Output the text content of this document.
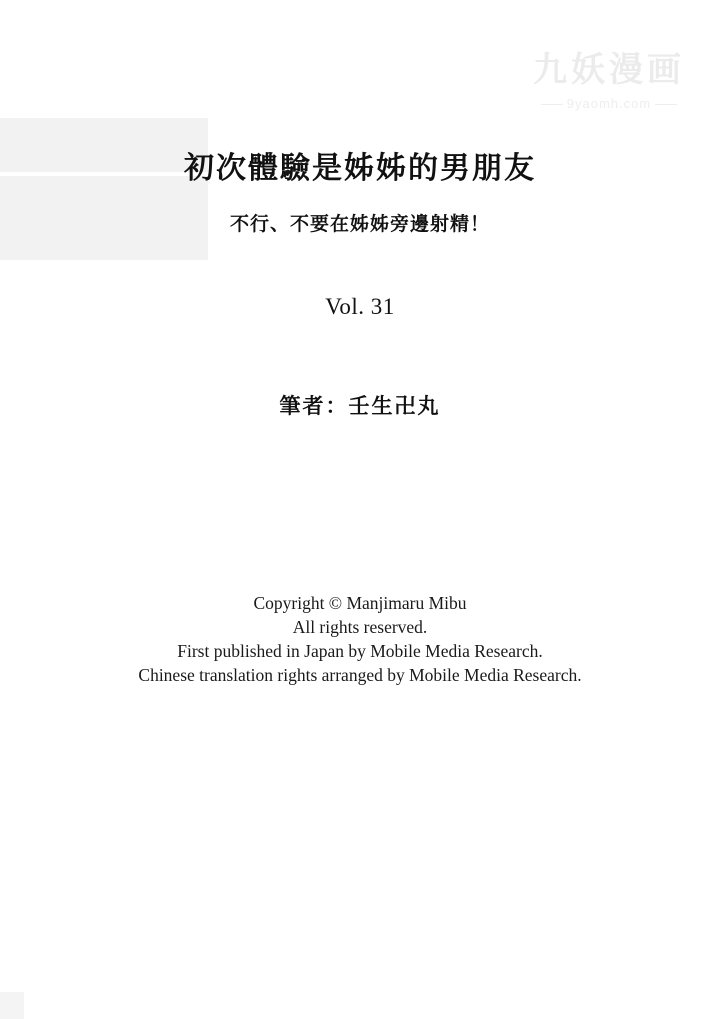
九妖漫画
9yaomh.com
初次體驗是姊姊的男朋友
不行、不要在姊姊旁邊射精！
Vol. 31
筆者：壬生卍丸
Copyright © Manjimaru Mibu
All rights reserved.
First published in Japan by Mobile Media Research.
Chinese translation rights arranged by Mobile Media Research.
